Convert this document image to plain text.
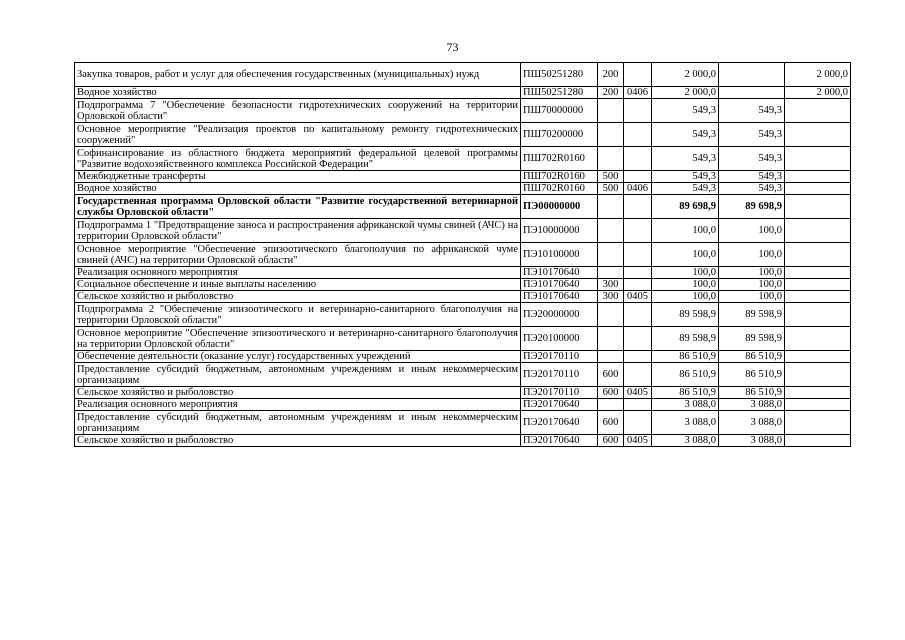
73
Закупка товаров, работ и услуг для обеспечения государственных (муниципальных) нужд	ПШ50251280	200		2 000,0		2 000,0
Водное хозяйство	ПШ50251280	200	0406	2 000,0		2 000,0
Подпрограмма 7 "Обеспечение безопасности гидротехнических сооружений на территории Орловской области"	ПШ70000000			549,3	549,3	
Основное мероприятие "Реализация проектов по капитальному ремонту гидротехнических сооружений"	ПШ70200000			549,3	549,3	
Софинансирование из областного бюджета мероприятий федеральной целевой программы "Развитие водохозяйственного комплекса Российской Федерации"	ПШ702R0160			549,3	549,3	
Межбюджетные трансферты	ПШ702R0160	500		549,3	549,3	
Водное хозяйство	ПШ702R0160	500	0406	549,3	549,3	
Государственная программа Орловской области "Развитие государственной ветеринарной службы Орловской области"	ПЭ00000000			89 698,9	89 698,9	
Подпрограмма 1 "Предотвращение заноса и распространения африканской чумы свиней (АЧС) на территории Орловской области"	ПЭ10000000			100,0	100,0	
Основное мероприятие "Обеспечение эпизоотического благополучия по африканской чуме свиней (АЧС) на территории Орловской области"	ПЭ10100000			100,0	100,0	
Реализация основного мероприятия	ПЭ10170640			100,0	100,0	
Социальное обеспечение и иные выплаты населению	ПЭ10170640	300		100,0	100,0	
Сельское хозяйство и рыболовство	ПЭ10170640	300	0405	100,0	100,0	
Подпрограмма 2 "Обеспечение эпизоотического и ветеринарно-санитарного благополучия на территории Орловской области"	ПЭ20000000			89 598,9	89 598,9	
Основное мероприятие "Обеспечение эпизоотического и ветеринарно-санитарного благополучия на территории Орловской области"	ПЭ20100000			89 598,9	89 598,9	
Обеспечение деятельности (оказание услуг) государственных учреждений	ПЭ20170110			86 510,9	86 510,9	
Предоставление субсидий бюджетным, автономным учреждениям и иным некоммерческим организациям	ПЭ20170110	600		86 510,9	86 510,9	
Сельское хозяйство и рыболовство	ПЭ20170110	600	0405	86 510,9	86 510,9	
Реализация основного мероприятия	ПЭ20170640			3 088,0	3 088,0	
Предоставление субсидий бюджетным, автономным учреждениям и иным некоммерческим организациям	ПЭ20170640	600		3 088,0	3 088,0	
Сельское хозяйство и рыболовство	ПЭ20170640	600	0405	3 088,0	3 088,0	
